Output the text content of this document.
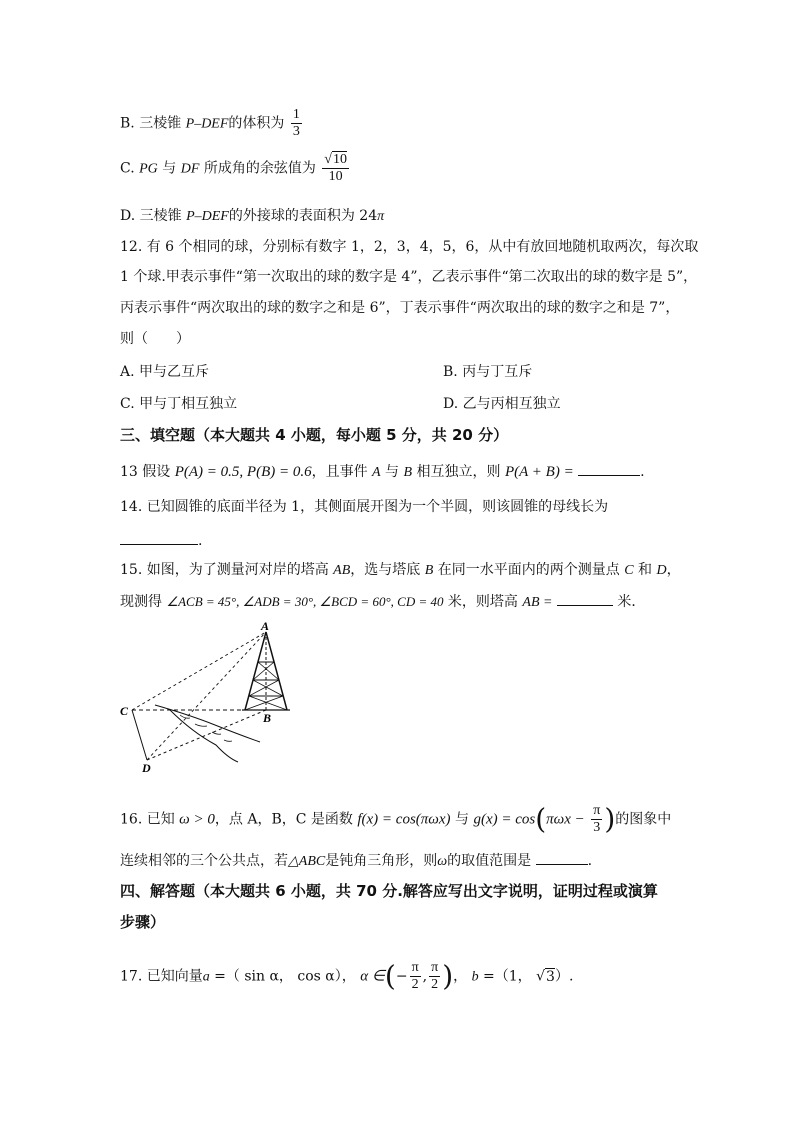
B. 三棱锥 P–DEF的体积为 $\frac{1}{3}$
C. PG 与 DF 所成角的余弦值为 $\frac{√10}{10}$
D. 三棱锥 P–DEF的外接球的表面积为 24π
12. 有 6 个相同的球，分别标有数字 1，2，3，4，5，6，从中有放回地随机取两次，每次取
1 个球.甲表示事件“第一次取出的球的数字是 4”，乙表示事件“第二次取出的球的数字是 5”，
丙表示事件“两次取出的球的数字之和是 6”，丁表示事件“两次取出的球的数字之和是 7”，
则（　　）
A. 甲与乙互斥	B. 丙与丁互斥
C. 甲与丁相互独立	D. 乙与丙相互独立
三、填空题（本大题共 4 小题，每小题 5 分，共 20 分）
13 假设 P(A) = 0.5, P(B) = 0.6，且事件 A 与 B 相互独立，则 P(A + B) =	.
14. 已知圆锥的底面半径为 1，其侧面展开图为一个半圆，则该圆锥的母线长为
.
15. 如图，为了测量河对岸的塔高 AB，选与塔底 B 在同一水平面内的两个测量点 C 和 D，
现测得 ∠ACB = 45°, ∠ADB = 30°, ∠BCD = 60°, CD = 40 米，则塔高 AB =	米．
A
B
C
D
16. 已知 ω > 0，点 A，B，C 是函数 f(x) = cos(πωx) 与 $g(x) = \cos(\pi\omega x - \frac{\pi}{3}$ )的图象中
连续相邻的三个公共点，若△ABC是钝角三角形，则ω的取值范围是	.
四、解答题（本大题共 6 小题，共 70 分.解答应写出文字说明，证明过程或演算
步骤）
17. 已知向量a =（ sin α， cos α）， α ∈(− $\frac{\pi}{2}$ , $\frac{\pi}{2}$ )， b =（1， √3）.
